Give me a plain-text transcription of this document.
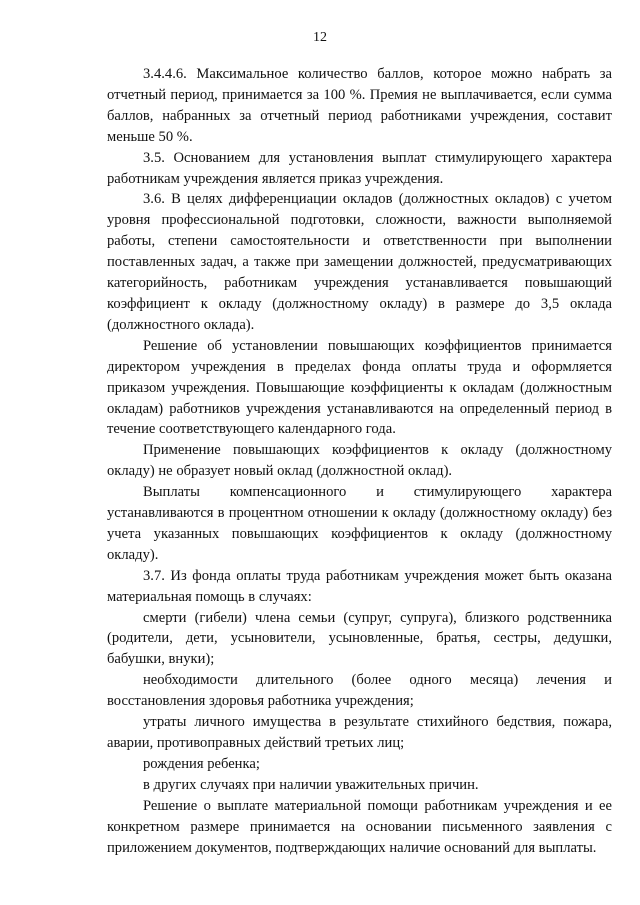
12

3.4.4.6. Максимальное количество баллов, которое можно набрать за отчетный период, принимается за 100 %. Премия не выплачивается, если сумма баллов, набранных за отчетный период работниками учреждения, составит меньше 50 %.

3.5. Основанием для установления выплат стимулирующего характера работникам учреждения является приказ учреждения.

3.6. В целях дифференциации окладов (должностных окладов) с учетом уровня профессиональной подготовки, сложности, важности выполняемой работы, степени самостоятельности и ответственности при выполнении поставленных задач, а также при замещении должностей, предусматривающих категорийность, работникам учреждения устанавливается повышающий коэффициент к окладу (должностному окладу) в размере до 3,5 оклада (должностного оклада).

Решение об установлении повышающих коэффициентов принимается директором учреждения в пределах фонда оплаты труда и оформляется приказом учреждения. Повышающие коэффициенты к окладам (должностным окладам) работников учреждения устанавливаются на определенный период в течение соответствующего календарного года.

Применение повышающих коэффициентов к окладу (должностному окладу) не образует новый оклад (должностной оклад).

Выплаты компенсационного и стимулирующего характера устанавливаются в процентном отношении к окладу (должностному окладу) без учета указанных повышающих коэффициентов к окладу (должностному окладу).

3.7. Из фонда оплаты труда работникам учреждения может быть оказана материальная помощь в случаях:

смерти (гибели) члена семьи (супруг, супруга), близкого родственника (родители, дети, усыновители, усыновленные, братья, сестры, дедушки, бабушки, внуки);

необходимости длительного (более одного месяца) лечения и восстановления здоровья работника учреждения;

утраты личного имущества в результате стихийного бедствия, пожара, аварии, противоправных действий третьих лиц;

рождения ребенка;

в других случаях при наличии уважительных причин.

Решение о выплате материальной помощи работникам учреждения и ее конкретном размере принимается на основании письменного заявления с приложением документов, подтверждающих наличие оснований для выплаты.
